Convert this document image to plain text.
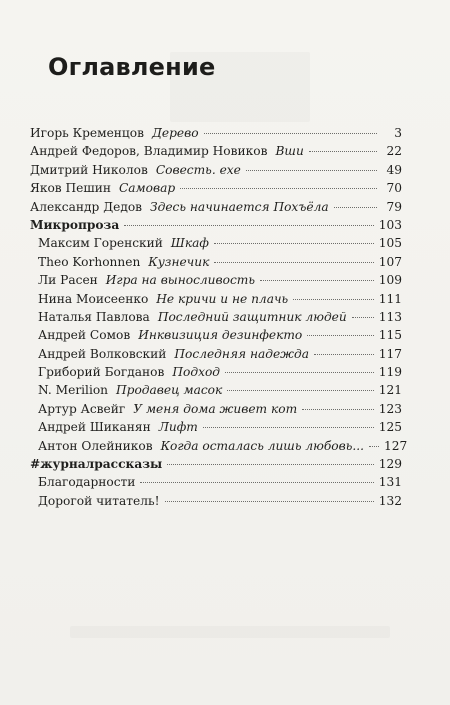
Оглавление
Игорь Кременцов Дерево	3
Андрей Федоров, Владимир Новиков Вши	22
Дмитрий Николов Совесть. exe	49
Яков Пешин Самовар	70
Александр Дедов Здесь начинается Похъёла	79
Микропроза	103
Максим Горенский Шкаф	105
Theo Korhonnen Кузнечик	107
Ли Расен Игра на выносливость	109
Нина Моисеенко Не кричи и не плачь	111
Наталья Павлова Последний защитник людей	113
Андрей Сомов Инквизиция дезинфекто	115
Андрей Волковский Последняя надежда	117
Гриборий Богданов Подход	119
N. Merilion Продавец масок	121
Артур Асвейг У меня дома живет кот	123
Андрей Шиканян Лифт	125
Антон Олейников Когда осталась лишь любовь... 127
#журналрассказы	129
Благодарности	131
Дорогой читатель!	132
